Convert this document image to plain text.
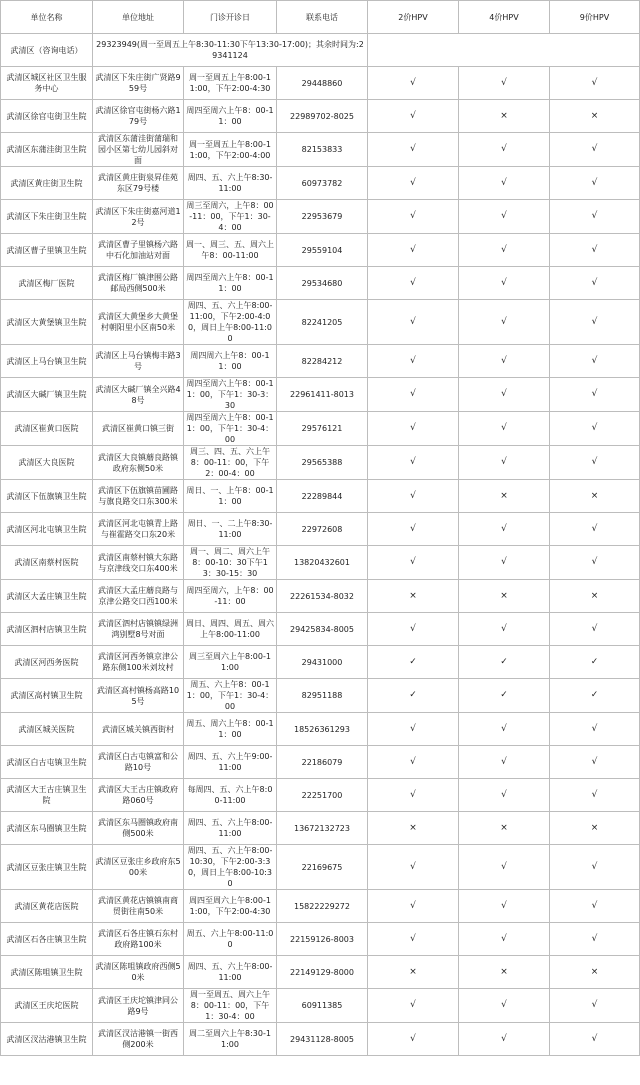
单位名称	单位地址	门诊开诊日	联系电话	2价HPV	4价HPV	9价HPV
武清区（咨询电话）	29323949(周一至周五上午8:30-11:30下午13:30-17:00)；其余时间为:29341124					
武清区城区社区卫生服务中心	武清区下朱庄街广贤路959号	周一至周五上午8:00-11:00，下午2:00-4:30	29448860	√	√	√
武清区徐官屯街卫生院	武清区徐官屯街杨六路179号	周四至周六上午8：00-11：00	22989702-8025	√	×	×
武清区东蒲洼街卫生院	武清区东蒲洼街蒲瑞和园小区第七幼儿园斜对面	周一至周五上午8:00-11:00，下午2:00-4:00	82153833	√	√	√
武清区黄庄街卫生院	武清区黄庄街泉昇佳苑东区79号楼	周四、五、六上午8:30-11:00	60973782	√	√	√
武清区下朱庄街卫生院	武清区下朱庄街嘉河道12号	周三至周六，上午8：00-11：00，下午1：30-4：00	22953679	√	√	√
武清区曹子里镇卫生院	武清区曹子里镇杨六路中石化加油站对面	周一、周三、五、周六上午8：00-11:00	29559104	√	√	√
武清区梅厂医院	武清区梅厂镇津围公路邮局西侧500米	周四至周六上午8：00-11：00	29534680	√	√	√
武清区大黄堡镇卫生院	武清区大黄堡乡大黄堡村朝阳里小区南50米	周四、五、六上午8:00-11:00，下午2:00-4:00，周日上午8:00-11:00	82241205	√	√	√
武清区上马台镇卫生院	武清区上马台镇梅丰路3号	周四周六上午8：00-11：00	82284212	√	√	√
武清区大碱厂镇卫生院	武清区大碱厂镇全兴路48号	周四至周六上午8：00-11：00，下午1：30-3：30	22961411-8013	√	√	√
武清区崔黄口医院	武清区崔黄口镇三街	周四至周六上午8：00-11：00，下午1：30-4：00	29576121	√	√	√
武清区大良医院	武清区大良镇蘑良路镇政府东侧50米	周三、四、五、六上午8：00-11：00，下午2：00-4：00	29565388	√	√	√
武清区下伍旗镇卫生院	武清区下伍旗镇苗圃路与旗良路交口东300米	周日、一、上午8：00-11：00	22289844	√	×	×
武清区河北屯镇卫生院	武清区河北屯镇青上路与崔霍路交口东20米	周日、一、二上午8:30-11:00	22972608	√	√	√
武清区南蔡村医院	武清区南蔡村镇大东路与京津线交口东400米	周一、周二、周六上午8：00-10：30下午13：30-15：30	13820432601	√	√	√
武清区大孟庄镇卫生院	武清区大孟庄蘑良路与京津公路交口西100米	周四至周六，上午8：00-11：00	22261534-8032	×	×	×
武清区泗村店镇卫生院	武清区泗村店镇镇绿洲鸿别墅8号对面	周日、周四、周五、周六上午8:00-11:00	29425834-8005	√	√	√
武清区河西务医院	武清区河西务镇京津公路东侧100米刘坟村	周三至周六上午8:00-11:00	29431000	✓	✓	✓
武清区高村镇卫生院	武清区高村镇杨高路105号	周五、六上午8：00-11：00，下午1：30-4：00	82951188	✓	✓	✓
武清区城关医院	武清区城关镇西街村	周五、周六上午8：00-11：00	18526361293	√	√	√
武清区白古屯镇卫生院	武清区白古屯镇富和公路10号	周四、五、六上午9:00-11:00	22186079	√	√	√
武清区大王古庄镇卫生院	武清区大王古庄镇政府路060号	每周四、五、六上午8:00-11:00	22251700	√	√	√
武清区东马圈镇卫生院	武清区东马圈镇政府南侧500米	周四、五、六上午8:00-11:00	13672132723	×	×	×
武清区豆张庄镇卫生院	武清区豆张庄乡政府东500米	周四、五、六上午8:00-10:30，下午2:00-3:30，周日上午8:00-10:30	22169675	√	√	√
武清区黄花店医院	武清区黄花店镇镇南商贸街往南50米	周四至周六上午8:00-11:00，下午2:00-4:30	15822229272	√	√	√
武清区石各庄镇卫生院	武清区石各庄镇石东村政府路100米	周五、六上午8:00-11:00	22159126-8003	√	√	√
武清区陈咀镇卫生院	武清区陈咀镇政府西侧50米	周四、五、六上午8:00-11:00	22149129-8000	×	×	×
武清区王庆坨医院	武清区王庆坨镇津同公路9号	周一至周五、周六上午8：00-11：00，下午1：30-4：00	60911385	√	√	√
武清区汊沽港镇卫生院	武清区汊沽港镇一街西侧200米	周二至周六上午8:30-11:00	29431128-8005	√	√	√
